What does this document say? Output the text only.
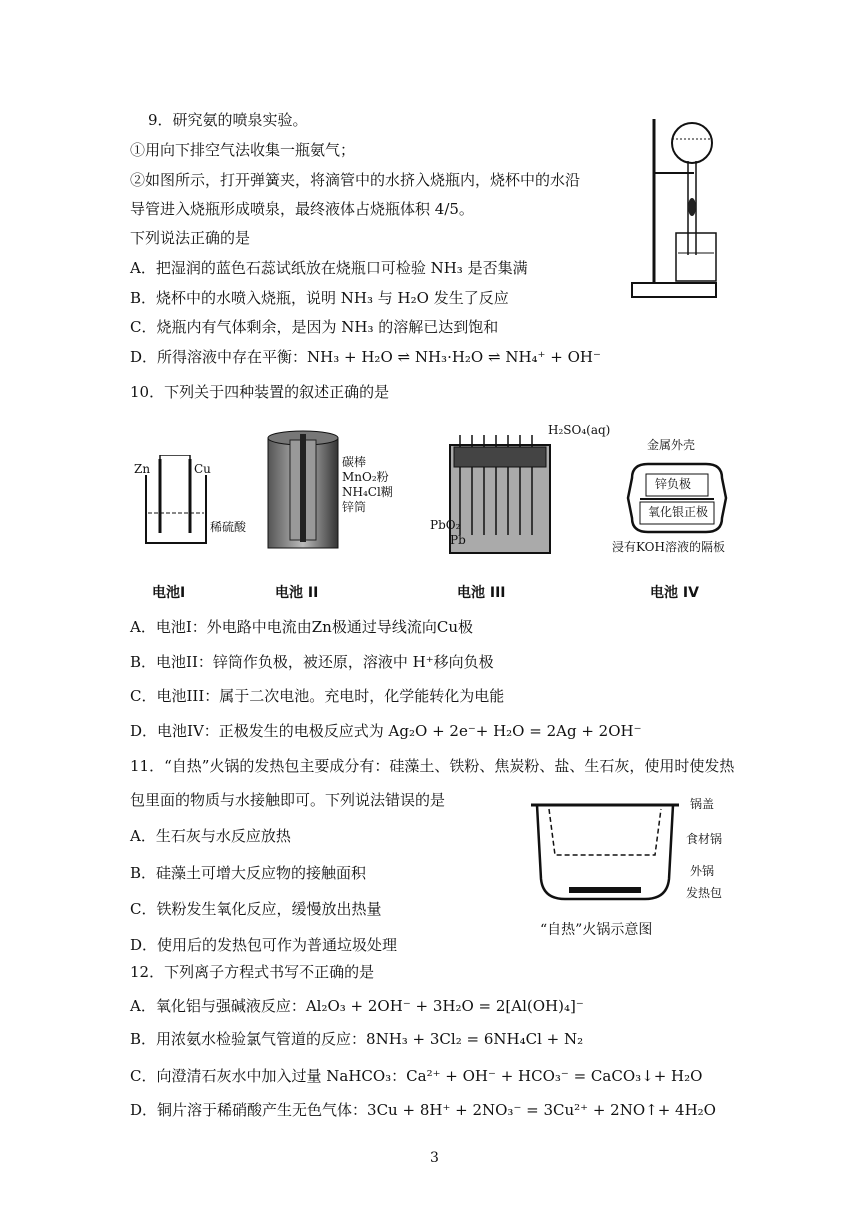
9．研究氨的喷泉实验。
①用向下排空气法收集一瓶氨气；
②如图所示，打开弹簧夹，将滴管中的水挤入烧瓶内，烧杯中的水沿
导管进入烧瓶形成喷泉，最终液体占烧瓶体积 4/5。
下列说法正确的是
A．把湿润的蓝色石蕊试纸放在烧瓶口可检验 NH₃ 是否集满
B．烧杯中的水喷入烧瓶，说明 NH₃ 与 H₂O 发生了反应
C．烧瓶内有气体剩余，是因为 NH₃ 的溶解已达到饱和
D．所得溶液中存在平衡：NH₃ + H₂O ⇌ NH₃·H₂O ⇌ NH₄⁺ + OH⁻
10．下列关于四种装置的叙述正确的是
Zn	Cu
稀硫酸
电池I
碳棒
MnO₂粉
NH₄Cl糊
锌筒
电池 II
H₂SO₄(aq)
PbO₂
Pb
电池 III
金属外壳
锌负极
氧化银正极
浸有KOH溶液的隔板
电池 IV
A．电池I：外电路中电流由Zn极通过导线流向Cu极
B．电池II：锌筒作负极，被还原，溶液中 H⁺移向负极
C．电池III：属于二次电池。充电时，化学能转化为电能
D．电池IV：正极发生的电极反应式为 Ag₂O + 2e⁻+ H₂O = 2Ag + 2OH⁻
11．“自热”火锅的发热包主要成分有：硅藻土、铁粉、焦炭粉、盐、生石灰，使用时使发热
包里面的物质与水接触即可。下列说法错误的是
A．生石灰与水反应放热
B．硅藻土可增大反应物的接触面积
C．铁粉发生氧化反应，缓慢放出热量
D．使用后的发热包可作为普通垃圾处理
锅盖
食材锅
外锅
发热包
“自热”火锅示意图
12．下列离子方程式书写不正确的是
A．氧化铝与强碱液反应：Al₂O₃ + 2OH⁻ + 3H₂O = 2[Al(OH)₄]⁻
B．用浓氨水检验氯气管道的反应：8NH₃ + 3Cl₂ = 6NH₄Cl + N₂
C．向澄清石灰水中加入过量 NaHCO₃：Ca²⁺ + OH⁻ + HCO₃⁻ = CaCO₃↓+ H₂O
D．铜片溶于稀硝酸产生无色气体：3Cu + 8H⁺ + 2NO₃⁻ = 3Cu²⁺ + 2NO↑+ 4H₂O
3
